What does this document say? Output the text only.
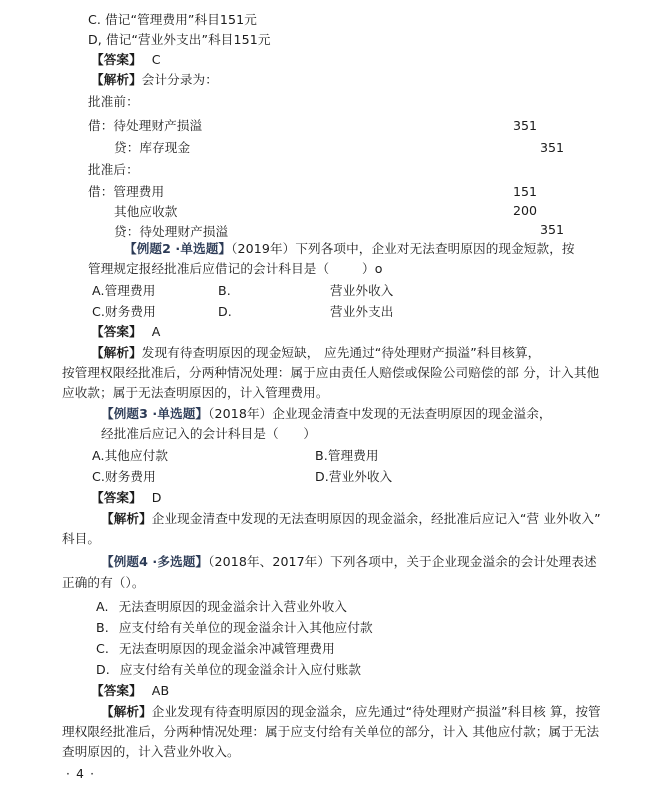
C. 借记“管理费用”科目151元
D, 借记“营业外支出”科目151元
【答案】 C
【解析】会计分录为：
批准前：
借：待处理财产损溢	351
贷：库存现金	351
批准后：
借：管理费用	151
其他应收款	200
贷：待处理财产损溢	351
【例题2 ·单选题】（2019年）下列各项中，企业对无法查明原因的现金短款，按
管理规定报经批准后应借记的会计科目是（        ）o
A.管理费用	B.	营业外收入
C.财务费用	D.	营业外支出
【答案】 A
【解析】发现有待查明原因的现金短缺， 应先通过“待处理财产损溢”科目核算，
按管理权限经批准后，分两种情况处理：属于应由责任人赔偿或保险公司赔偿的部 分，计入其他
应收款；属于无法查明原因的，计入管理费用。
【例题3 ·单选题】（2018年）企业现金清查中发现的无法查明原因的现金溢余，
经批准后应记入的会计科目是（      ）
A.其他应付款	B.管理费用
C.财务费用	D.营业外收入
【答案】 D
【解析】企业现金清查中发现的无法查明原因的现金溢余，经批准后应记入“营 业外收入”
科目。
【例题4 ·多选题】（2018年、2017年）下列各项中，关于企业现金溢余的会计处理表述
正确的有（）。
A. 无法查明原因的现金溢余计入营业外收入
B. 应支付给有关单位的现金溢余计入其他应付款
C. 无法查明原因的现金溢余冲减管理费用
D. 应支付给有关单位的现金溢余计入应付账款
【答案】 AB
【解析】企业发现有待查明原因的现金溢余，应先通过“待处理财产损溢”科目核 算，按管
理权限经批准后，分两种情况处理：属于应支付给有关单位的部分，计入 其他应付款；属于无法
查明原因的，计入营业外收入。
· 4 ·
